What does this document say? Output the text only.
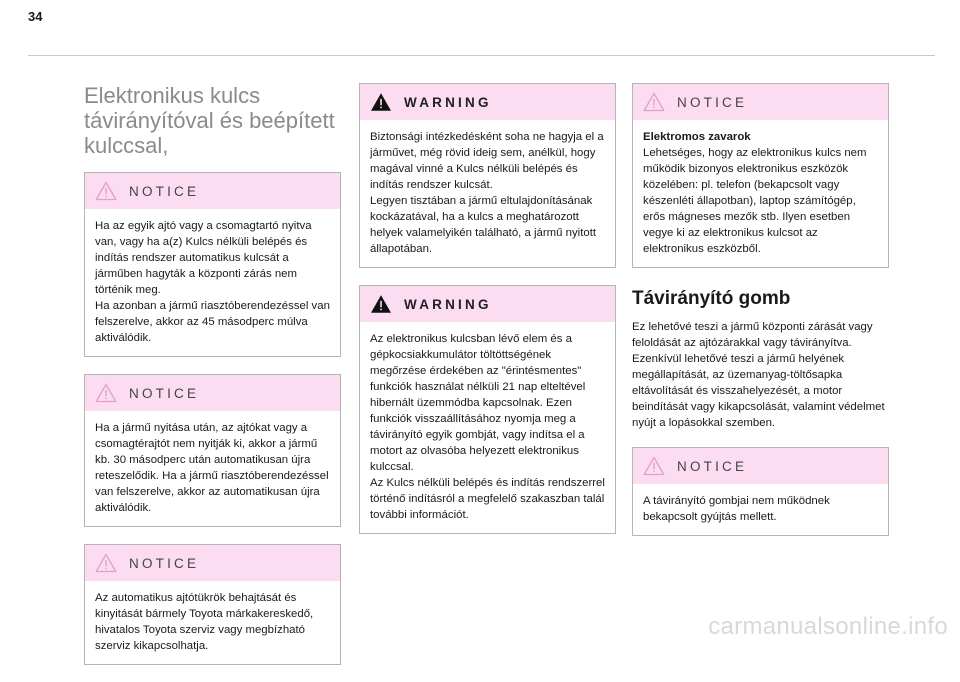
34
Elektronikus kulcs távirányítóval és beépített kulccsal,
NOTICE
Ha az egyik ajtó vagy a csomagtartó nyitva van, vagy ha a(z) Kulcs nélküli belépés és indítás rendszer automatikus kulcsát a járműben hagyták a központi zárás nem történik meg.
Ha azonban a jármű riasztóberendezéssel van felszerelve, akkor az 45 másodperc múlva aktiválódik.
NOTICE
Ha a jármű nyitása után, az ajtókat vagy a csomagtérajtót nem nyitják ki, akkor a jármű kb. 30 másodperc után automatikusan újra reteszelődik. Ha a jármű riasztóberendezéssel van felszerelve, akkor az automatikusan újra aktiválódik.
NOTICE
Az automatikus ajtótükrök behajtását és kinyitását bármely Toyota márkakereskedő, hivatalos Toyota szerviz vagy megbízható szerviz kikapcsolhatja.
WARNING
Biztonsági intézkedésként soha ne hagyja el a járművet, még rövid ideig sem, anélkül, hogy magával vinné a Kulcs nélküli belépés és indítás rendszer kulcsát.
Legyen tisztában a jármű eltulajdonításának kockázatával, ha a kulcs a meghatározott helyek valamelyikén található, a jármű nyitott állapotában.
WARNING
Az elektronikus kulcsban lévő elem és a gépkocsiakkumulátor töltöttségének megőrzése érdekében az "érintésmentes" funkciók használat nélküli 21 nap elteltével hibernált üzemmódba kapcsolnak. Ezen funkciók visszaállításához nyomja meg a távirányító egyik gombját, vagy indítsa el a motort az olvasóba helyezett elektronikus kulccsal.
Az Kulcs nélküli belépés és indítás rendszerrel történő indításról a megfelelő szakaszban talál további információt.
NOTICE
Elektromos zavarok
Lehetséges, hogy az elektronikus kulcs nem működik bizonyos elektronikus eszközök közelében: pl. telefon (bekapcsolt vagy készenléti állapotban), laptop számítógép, erős mágneses mezők stb. Ilyen esetben vegye ki az elektronikus kulcsot az elektronikus eszközből.
Távirányító gomb
Ez lehetővé teszi a jármű központi zárását vagy feloldását az ajtózárakkal vagy távirányítva.
Ezenkívül lehetővé teszi a jármű helyének megállapítását, az üzemanyag-töltősapka eltávolítását és visszahelyezését, a motor beindítását vagy kikapcsolását, valamint védelmet nyújt a lopásokkal szemben.
NOTICE
A távirányító gombjai nem működnek bekapcsolt gyújtás mellett.
carmanualsonline.info
